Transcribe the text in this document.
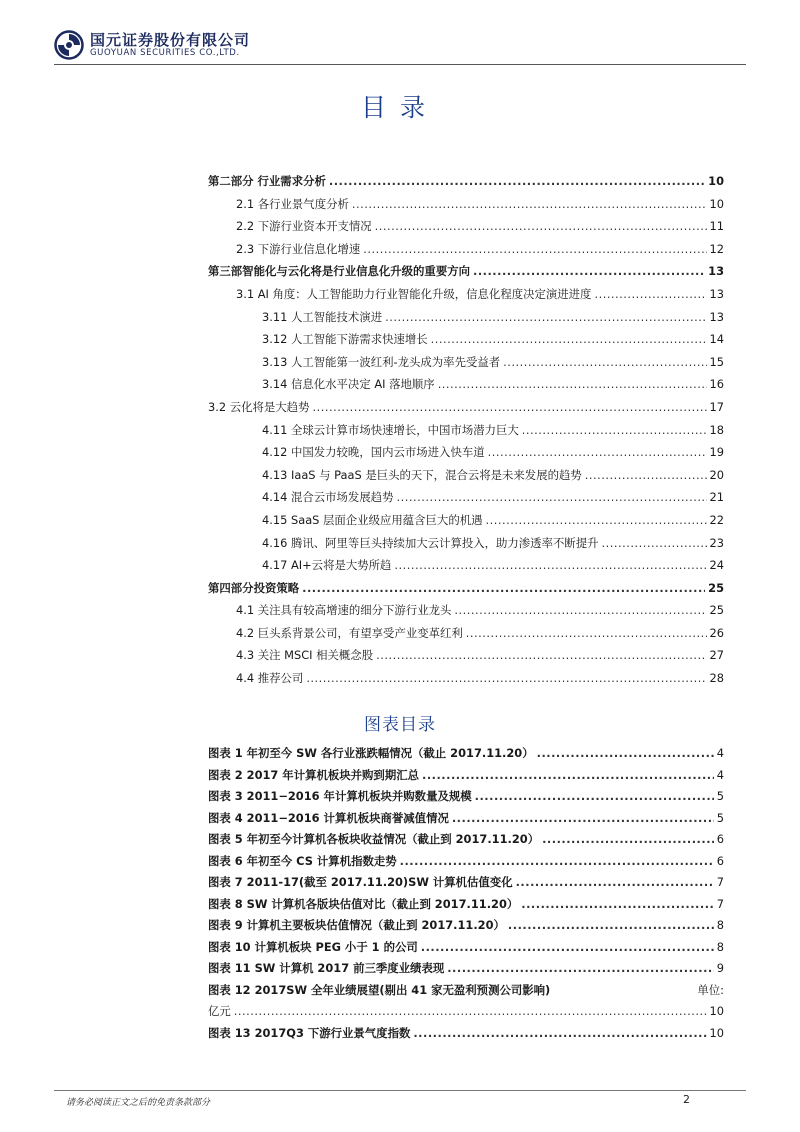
国元证券股份有限公司
GUOYUAN SECURITIES CO.,LTD.
目录
第二部分 行业需求分析 .....	10
2.1 各行业景气度分析 .....	10
2.2 下游行业资本开支情况 .....	11
2.3 下游行业信息化增速 .....	12
第三部智能化与云化将是行业信息化升级的重要方向 .....	13
3.1 AI 角度：人工智能助力行业智能化升级，信息化程度决定演进进度 .....	13
3.11 人工智能技术演进 .....	13
3.12 人工智能下游需求快速增长 .....	14
3.13 人工智能第一波红利-龙头成为率先受益者 .....	15
3.14 信息化水平决定 AI 落地顺序 .....	16
3.2 云化将是大趋势 .....	17
4.11 全球云计算市场快速增长，中国市场潜力巨大 .....	18
4.12 中国发力较晚，国内云市场进入快车道 .....	19
4.13 IaaS 与 PaaS 是巨头的天下，混合云将是未来发展的趋势 .....	20
4.14 混合云市场发展趋势 .....	21
4.15 SaaS 层面企业级应用蕴含巨大的机遇 .....	22
4.16 腾讯、阿里等巨头持续加大云计算投入，助力渗透率不断提升 .....	23
4.17 AI+云将是大势所趋 .....	24
第四部分投资策略 .....	25
4.1 关注具有较高增速的细分下游行业龙头 .....	25
4.2 巨头系背景公司，有望享受产业变革红利 .....	26
4.3 关注 MSCI 相关概念股 .....	27
4.4 推荐公司 .....	28
图表目录
图表 1 年初至今 SW 各行业涨跌幅情况（截止 2017.11.20） .....	4
图表 2 2017 年计算机板块并购到期汇总 .....	4
图表 3 2011−2016 年计算机板块并购数量及规模 .....	5
图表 4 2011−2016 计算机板块商誉减值情况 .....	5
图表 5 年初至今计算机各板块收益情况（截止到 2017.11.20） .....	6
图表 6 年初至今 CS 计算机指数走势 .....	6
图表 7 2011-17(截至 2017.11.20)SW 计算机估值变化 .....	7
图表 8 SW 计算机各版块估值对比（截止到 2017.11.20） .....	7
图表 9 计算机主要板块估值情况（截止到 2017.11.20） .....	8
图表 10 计算机板块 PEG 小于 1 的公司 .....	8
图表 11 SW 计算机 2017 前三季度业绩表现 .....	9
图表 12 2017SW 全年业绩展望(剔出 41 家无盈利预测公司影响)	单位:
亿元 .....	10
图表 13 2017Q3 下游行业景气度指数 .....	10
请务必阅读正文之后的免责条款部分	2
